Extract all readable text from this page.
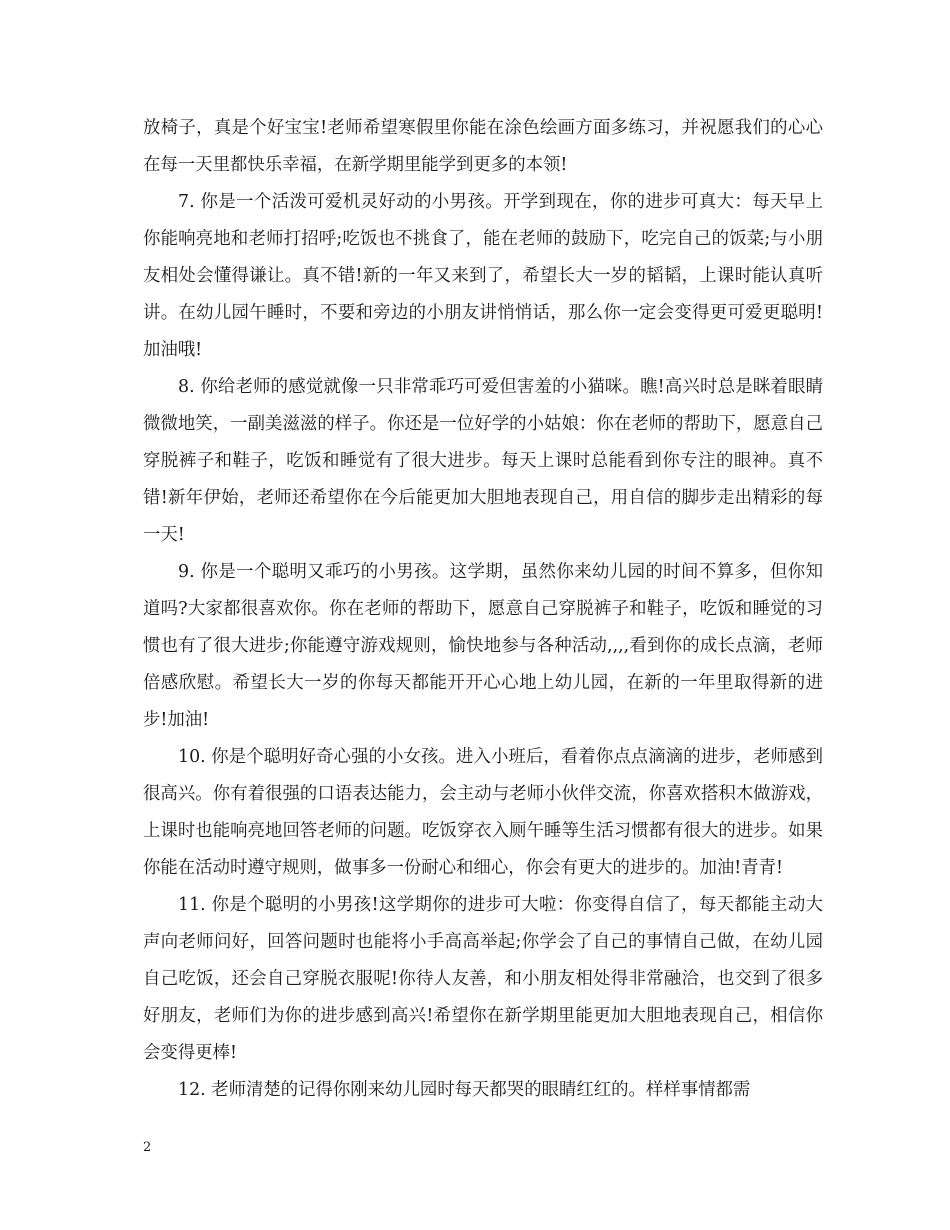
放椅子，真是个好宝宝!老师希望寒假里你能在涂色绘画方面多练习，并祝愿我们的心心在每一天里都快乐幸福，在新学期里能学到更多的本领!

7. 你是一个活泼可爱机灵好动的小男孩。开学到现在，你的进步可真大：每天早上你能响亮地和老师打招呼;吃饭也不挑食了，能在老师的鼓励下，吃完自己的饭菜;与小朋友相处会懂得谦让。真不错!新的一年又来到了，希望长大一岁的韬韬，上课时能认真听讲。在幼儿园午睡时，不要和旁边的小朋友讲悄悄话，那么你一定会变得更可爱更聪明!加油哦!

8. 你给老师的感觉就像一只非常乖巧可爱但害羞的小猫咪。瞧!高兴时总是眯着眼睛微微地笑，一副美滋滋的样子。你还是一位好学的小姑娘：你在老师的帮助下，愿意自己穿脱裤子和鞋子，吃饭和睡觉有了很大进步。每天上课时总能看到你专注的眼神。真不错!新年伊始，老师还希望你在今后能更加大胆地表现自己，用自信的脚步走出精彩的每一天!

9. 你是一个聪明又乖巧的小男孩。这学期，虽然你来幼儿园的时间不算多，但你知道吗?大家都很喜欢你。你在老师的帮助下，愿意自己穿脱裤子和鞋子，吃饭和睡觉的习惯也有了很大进步;你能遵守游戏规则，愉快地参与各种活动,,,,看到你的成长点滴，老师倍感欣慰。希望长大一岁的你每天都能开开心心地上幼儿园，在新的一年里取得新的进步!加油!

10. 你是个聪明好奇心强的小女孩。进入小班后，看着你点点滴滴的进步，老师感到很高兴。你有着很强的口语表达能力，会主动与老师小伙伴交流，你喜欢搭积木做游戏，上课时也能响亮地回答老师的问题。吃饭穿衣入厕午睡等生活习惯都有很大的进步。如果你能在活动时遵守规则，做事多一份耐心和细心，你会有更大的进步的。加油!青青!

11. 你是个聪明的小男孩!这学期你的进步可大啦：你变得自信了，每天都能主动大声向老师问好，回答问题时也能将小手高高举起;你学会了自己的事情自己做，在幼儿园自己吃饭，还会自己穿脱衣服呢!你待人友善，和小朋友相处得非常融洽，也交到了很多好朋友，老师们为你的进步感到高兴!希望你在新学期里能更加大胆地表现自己，相信你会变得更棒!

12. 老师清楚的记得你刚来幼儿园时每天都哭的眼睛红红的。样样事情都需

2
